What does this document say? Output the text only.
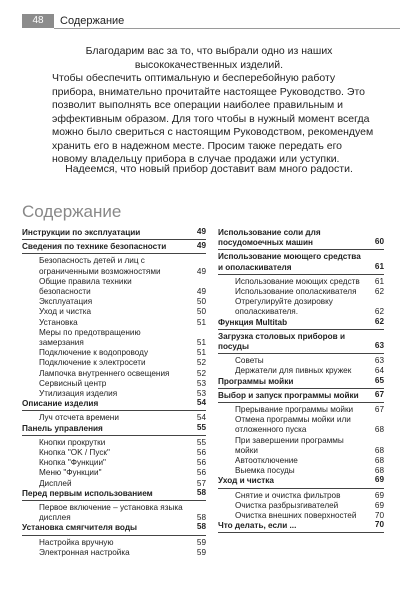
48	Содержание
Благодарим вас за то, что выбрали одно из наших высококачественных изделий.
Чтобы обеспечить оптимальную и бесперебойную работу прибора, внимательно прочитайте настоящее Руководство. Это позволит выполнять все операции наиболее правильным и эффективным образом. Для того чтобы в нужный момент всегда можно было свериться с настоящим Руководством, рекомендуем хранить его в надежном месте. Просим также передать его новому владельцу прибора в случае продажи или уступки.
Надеемся, что новый прибор доставит вам много радости.
Содержание
Инструкции по эксплуатации	49
Сведения по технике безопасности	49
Безопасность детей и лиц с ограниченными возможностями	49
Общие правила техники безопасности	49
Эксплуатация	50
Уход и чистка	50
Установка	51
Меры по предотвращению замерзания	51
Подключение к водопроводу	51
Подключение к электросети	52
Лампочка внутреннего освещения	52
Сервисный центр	53
Утилизация изделия	53
Описание изделия	54
Луч отсчета времени	54
Панель управления	55
Кнопки прокрутки	55
Кнопка "OK / Пуск"	56
Кнопка "Функции"	56
Меню "Функции"	56
Дисплей	57
Перед первым использованием	58
Первое включение – установка языка дисплея	58
Установка смягчителя воды	58
Настройка вручную	59
Электронная настройка	59
Использование соли для посудомоечных машин	60
Использование моющего средства и ополаскивателя	61
Использование моющих средств	61
Использование ополаскивателя	62
Отрегулируйте дозировку ополаскивателя.	62
Функция Multitab	62
Загрузка столовых приборов и посуды	63
Советы	63
Держатели для пивных кружек	64
Программы мойки	65
Выбор и запуск программы мойки	67
Прерывание программы мойки	67
Отмена программы мойки или отложенного пуска	68
При завершении программы мойки	68
Автоотключение	68
Выемка посуды	68
Уход и чистка	69
Снятие и очистка фильтров	69
Очистка разбрызгивателей	69
Очистка внешних поверхностей	70
Что делать, если ...	70
